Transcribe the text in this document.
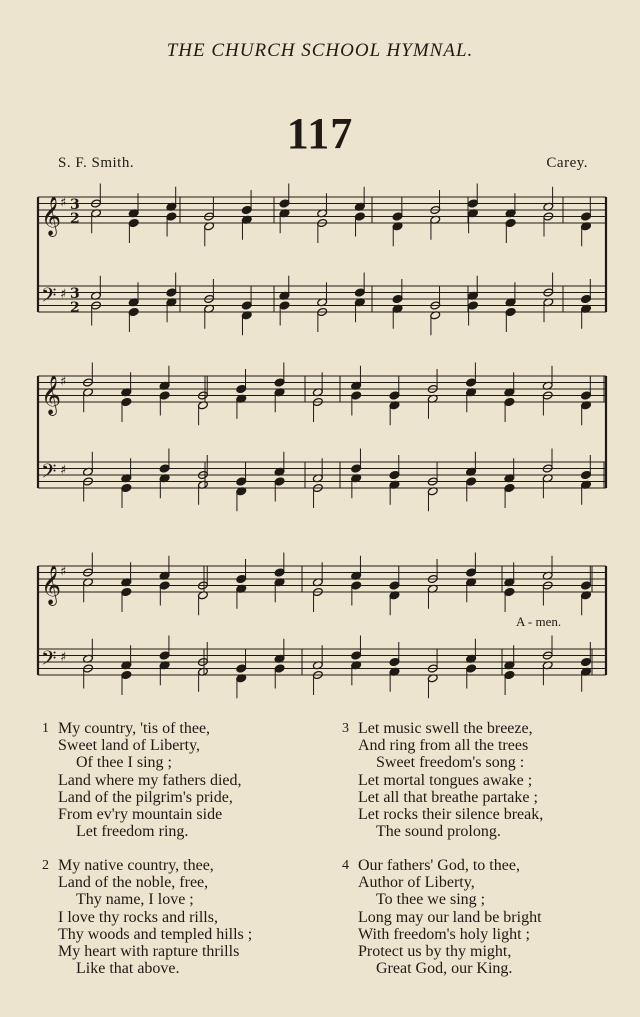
THE CHURCH SCHOOL HYMNAL.
117
S. F. Smith.	Carey.
𝄞
♯ 3
2
𝄢 ♯ 3
2
𝄞
♯
𝄢 ♯
𝄞
♯
𝄢 ♯
A - men.
1 My country, 'tis of thee,
Sweet land of Liberty,
Of thee I sing ;
Land where my fathers died,
Land of the pilgrim's pride,
From ev'ry mountain side
Let freedom ring.
2 My native country, thee,
Land of the noble, free,
Thy name, I love ;
I love thy rocks and rills,
Thy woods and templed hills ;
My heart with rapture thrills
Like that above.
3 Let music swell the breeze,
And ring from all the trees
Sweet freedom's song :
Let mortal tongues awake ;
Let all that breathe partake ;
Let rocks their silence break,
The sound prolong.
4 Our fathers' God, to thee,
Author of Liberty,
To thee we sing ;
Long may our land be bright
With freedom's holy light ;
Protect us by thy might,
Great God, our King.
